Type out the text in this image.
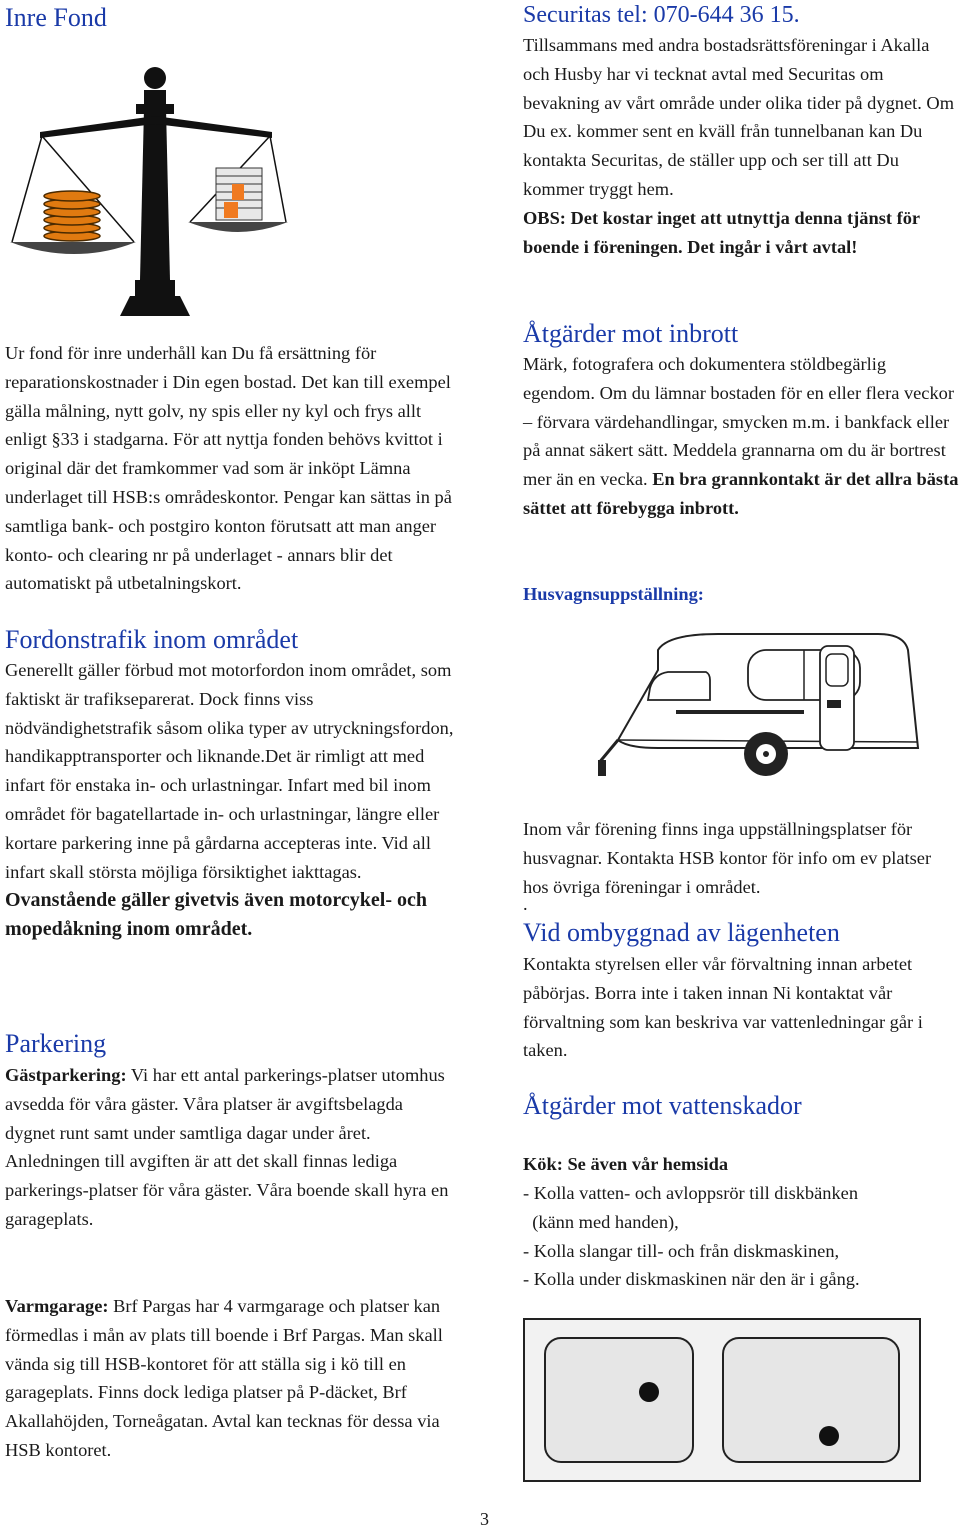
Inre Fond

Ur fond för inre underhåll kan Du få ersättning för reparationskostnader i Din egen bostad. Det kan till exempel gälla målning, nytt golv, ny spis eller ny kyl och frys allt enligt §33 i stadgarna. För att nyttja fonden behövs kvittot i original där det framkommer vad som är inköpt Lämna underlaget till HSB:s områdeskontor. Pengar kan sättas in på samtliga bank- och postgiro konton förutsatt att man anger konto- och clearing nr på underlaget - annars blir det automatiskt på utbetalningskort.

Fordonstrafik inom området

Generellt gäller förbud mot motorfordon inom området, som faktiskt är trafikseparerat. Dock finns viss nödvändighetstrafik såsom olika typer av utryckningsfordon, handikapptransporter och liknande.Det är rimligt att med infart för enstaka in- och urlastningar. Infart med bil inom området för bagatellartade in- och urlastningar, längre eller kortare parkering inne på gårdarna accepteras inte. Vid all infart skall största möjliga försiktighet iakttagas. Ovanstående gäller givetvis även motorcykel- och mopedåkning inom området.

Parkering

Gästparkering: Vi har ett antal parkerings-platser utomhus avsedda för våra gäster. Våra platser är avgiftsbelagda dygnet runt samt under samtliga dagar under året. Anledningen till avgiften är att det skall finnas lediga parkerings-platser för våra gäster. Våra boende skall hyra en garageplats.

Varmgarage: Brf Pargas har 4 varmgarage och platser kan förmedlas i mån av plats till boende i Brf Pargas. Man skall vända sig till HSB-kontoret för att ställa sig i kö till en garageplats. Finns dock lediga platser på P-däcket, Brf Akallahöjden, Torneågatan. Avtal kan tecknas för dessa via HSB kontoret.

Securitas tel: 070-644 36 15.

Tillsammans med andra bostadsrättsföreningar i Akalla och Husby har vi tecknat avtal med Securitas om bevakning av vårt område under olika tider på dygnet. Om Du ex. kommer sent en kväll från tunnelbanan kan Du kontakta Securitas, de ställer upp och ser till att Du kommer tryggt hem.
OBS: Det kostar inget att utnyttja denna tjänst för boende i föreningen. Det ingår i vårt avtal!

Åtgärder mot inbrott

Märk, fotografera och dokumentera stöldbegärlig egendom. Om du lämnar bostaden för en eller flera veckor – förvara värdehandlingar, smycken m.m. i bankfack eller på annat säkert sätt. Meddela grannarna om du är bortrest mer än en vecka. En bra grannkontakt är det allra bästa sättet att förebygga inbrott.

Husvagnsuppställning:

Inom vår förening finns inga uppställningsplatser för husvagnar. Kontakta HSB kontor för info om ev platser hos övriga föreningar i området.

.

Vid ombyggnad av lägenheten

Kontakta styrelsen eller vår förvaltning innan arbetet påbörjas. Borra inte i taken innan Ni kontaktat vår förvaltning som kan beskriva var vattenledningar går i taken.

Åtgärder mot vattenskador

Kök: Se även vår hemsida

- Kolla vatten- och avloppsrör till diskbänken

(känn med handen),

- Kolla slangar till- och från diskmaskinen,

- Kolla under diskmaskinen när den är i gång.

3
